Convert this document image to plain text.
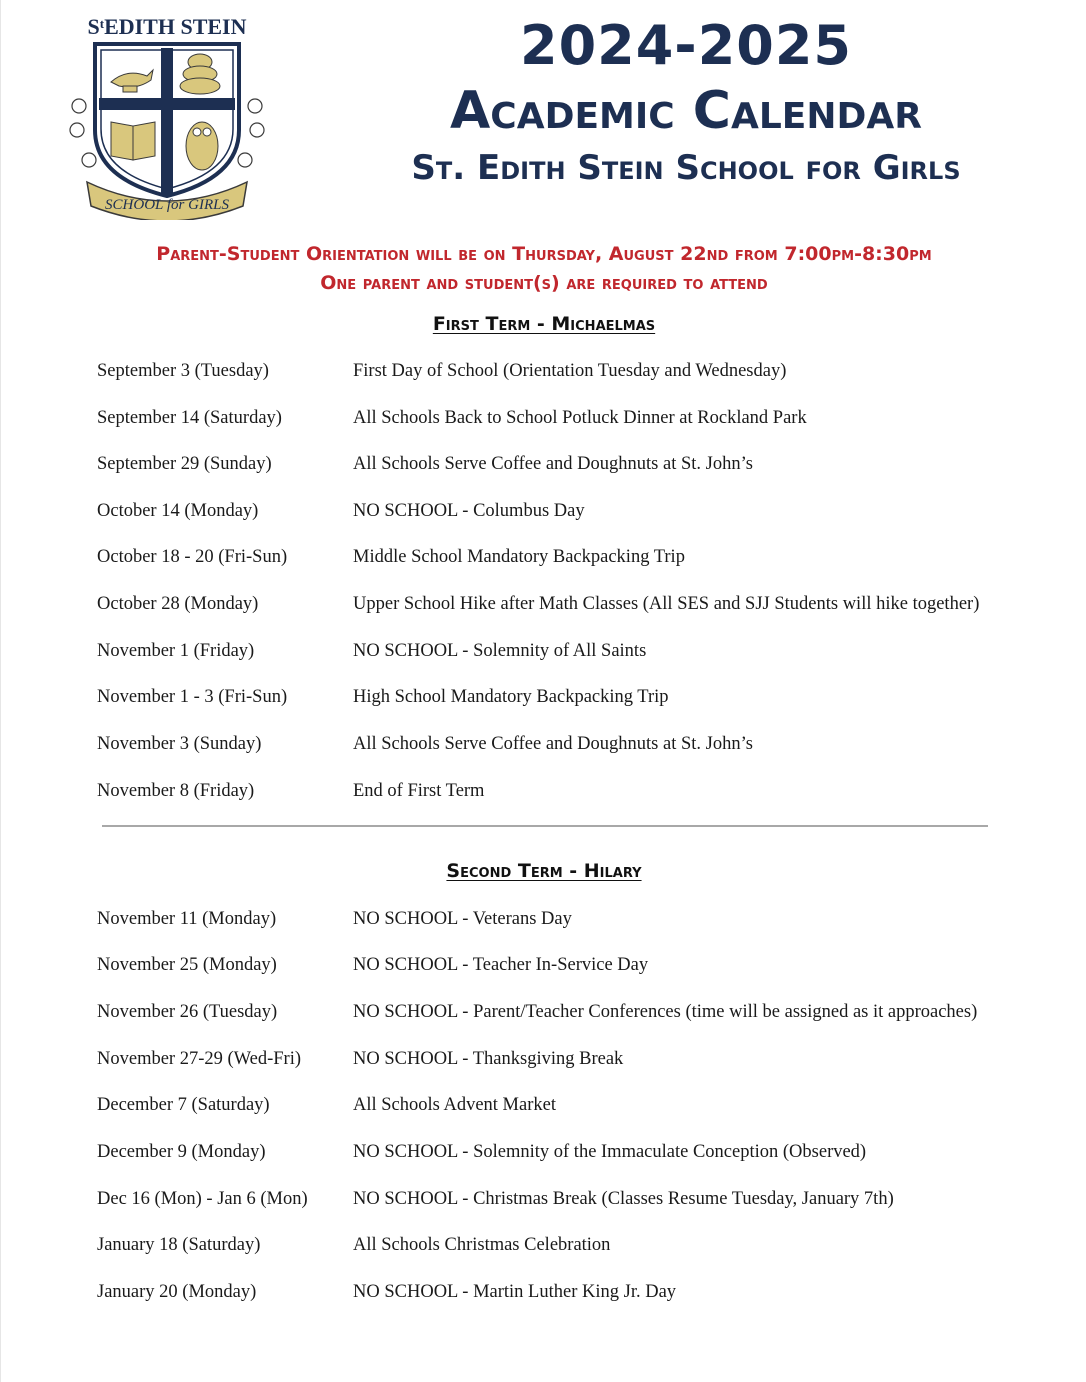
$S^tEDITH$ STEIN
SCHOOL for GIRLS
2024-2025
Academic Calendar
St. Edith Stein School for Girls
Parent-Student Orientation will be on Thursday, August 22nd from 7:00pm-8:30pm
One parent and student(s) are required to attend
First Term - Michaelmas
September 3 (Tuesday)	First Day of School (Orientation Tuesday and Wednesday)
September 14 (Saturday)	All Schools Back to School Potluck Dinner at Rockland Park
September 29 (Sunday)	All Schools Serve Coffee and Doughnuts at St. John’s
October 14 (Monday)	NO SCHOOL - Columbus Day
October 18 - 20 (Fri-Sun)	Middle School Mandatory Backpacking Trip
October 28 (Monday)	Upper School Hike after Math Classes (All SES and SJJ Students will hike together)
November 1 (Friday)	NO SCHOOL - Solemnity of All Saints
November 1 - 3 (Fri-Sun)	High School Mandatory Backpacking Trip
November 3 (Sunday)	All Schools Serve Coffee and Doughnuts at St. John’s
November 8 (Friday)	End of First Term
Second Term - Hilary
November 11 (Monday)	NO SCHOOL - Veterans Day
November 25 (Monday)	NO SCHOOL - Teacher In-Service Day
November 26 (Tuesday)	NO SCHOOL - Parent/Teacher Conferences (time will be assigned as it approaches)
November 27-29 (Wed-Fri)	NO SCHOOL - Thanksgiving Break
December 7 (Saturday)	All Schools Advent Market
December 9 (Monday)	NO SCHOOL - Solemnity of the Immaculate Conception (Observed)
Dec 16 (Mon) - Jan 6 (Mon) NO SCHOOL - Christmas Break (Classes Resume Tuesday, January 7th)
January 18 (Saturday)	All Schools Christmas Celebration
January 20 (Monday)	NO SCHOOL - Martin Luther King Jr. Day
